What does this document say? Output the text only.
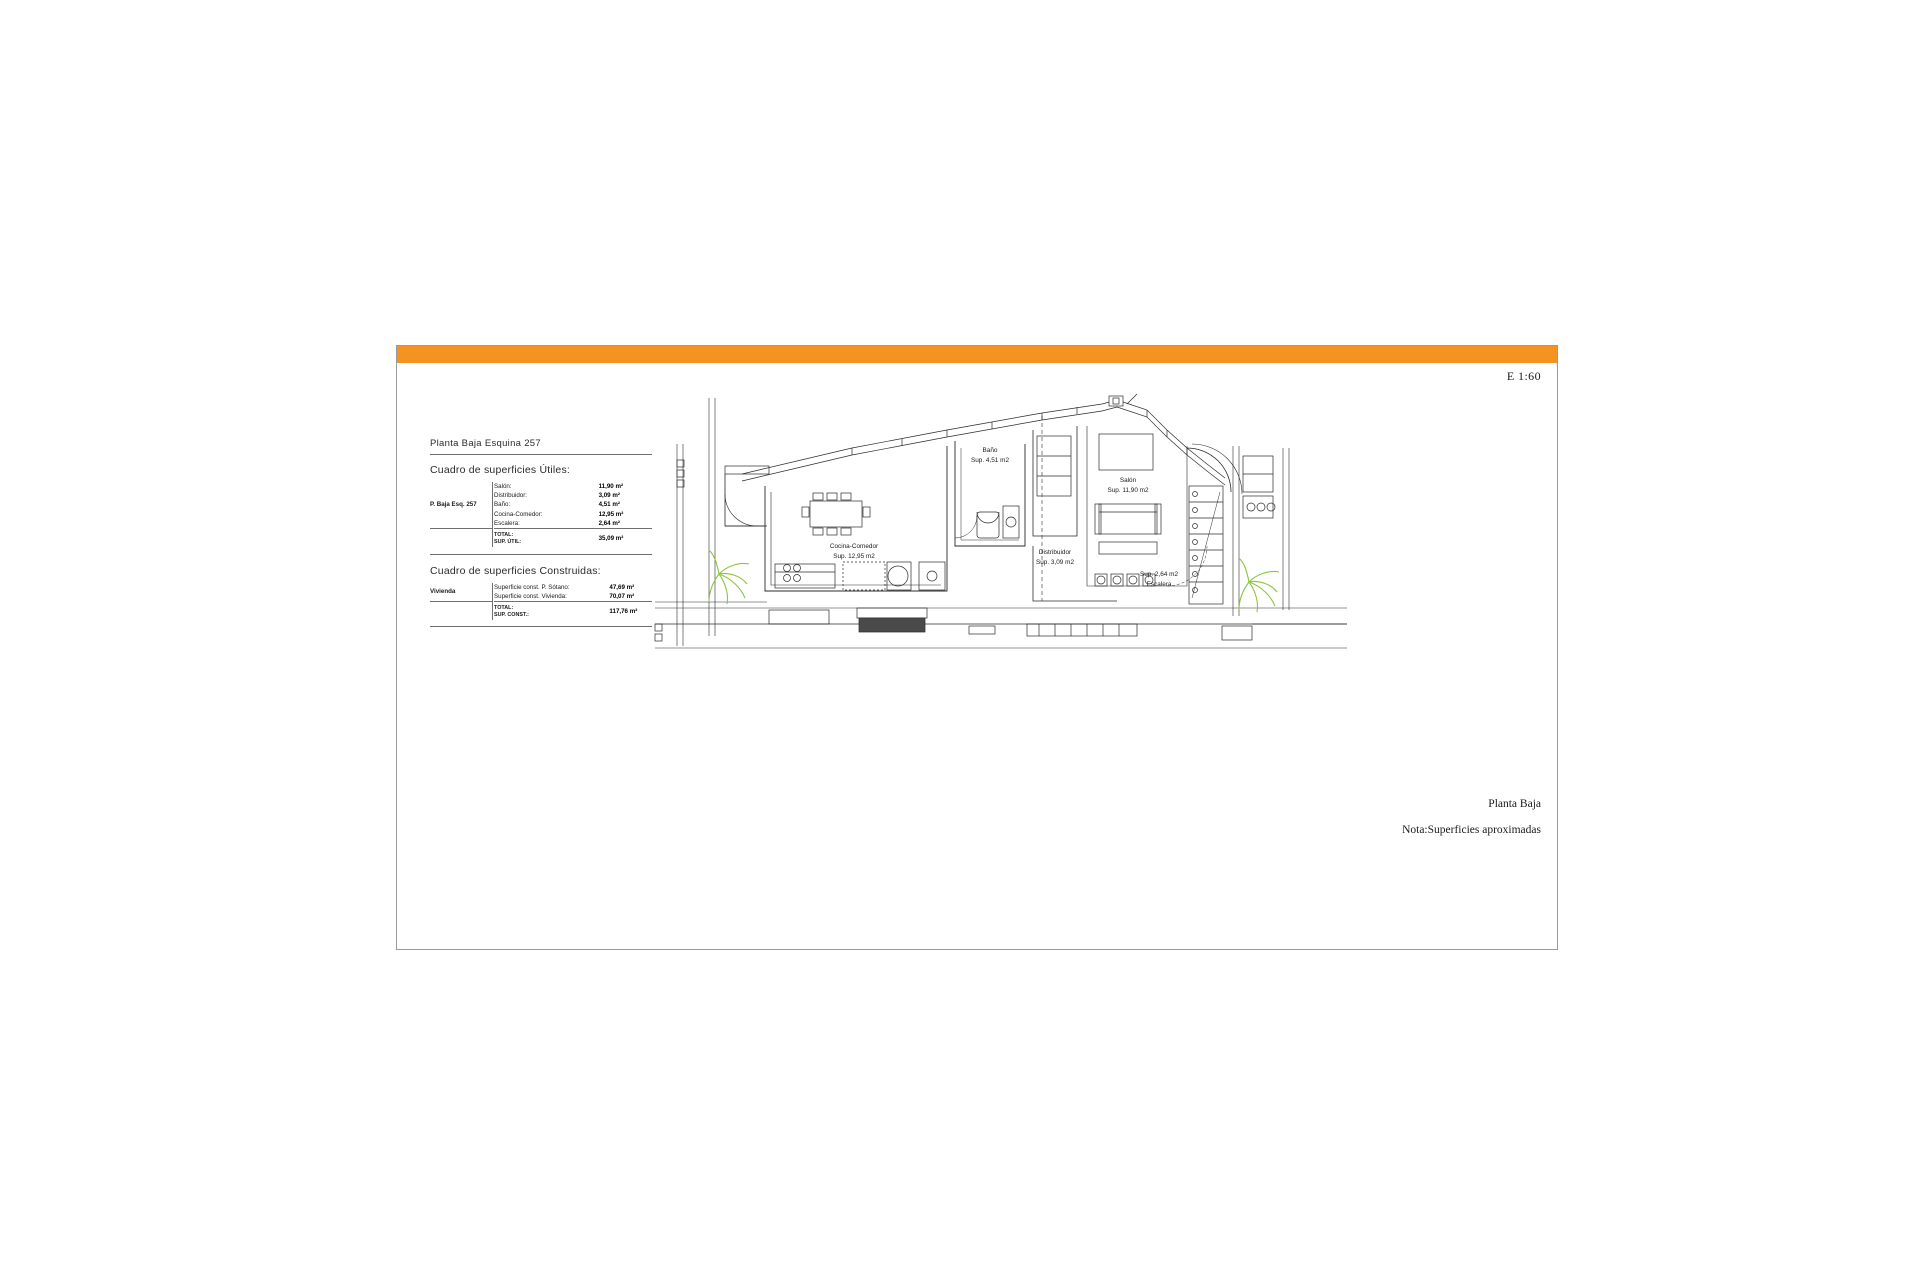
E 1:60
Planta Baja Esquina 257
Cuadro de superficies Útiles:
P. Baja Esq. 257		Salón:	11,90 m²
	Distribuidor:	3,09 m²
	Baño:	4,51 m²
	Cocina-Comedor:	12,95 m²
	Escalera:	2,64 m²

	TOTAL:
SUP. ÚTIL:	35,09 m²
Cuadro de superficies Construidas:
Vivienda		Superficie const. P. Sótano:	47,69 m²
	Superficie const. Vivienda:	70,07 m²

	TOTAL:
SUP. CONST.:	117,76 m²
Baño
Sup. 4,51 m2
Cocina-Comedor
Sup. 12,95 m2
Distribuidor
Sup. 3,09 m2
Salón
Sup. 11,90 m2
Sup. 2,64 m2
Escalera
Planta Baja
Nota:Superficies aproximadas
